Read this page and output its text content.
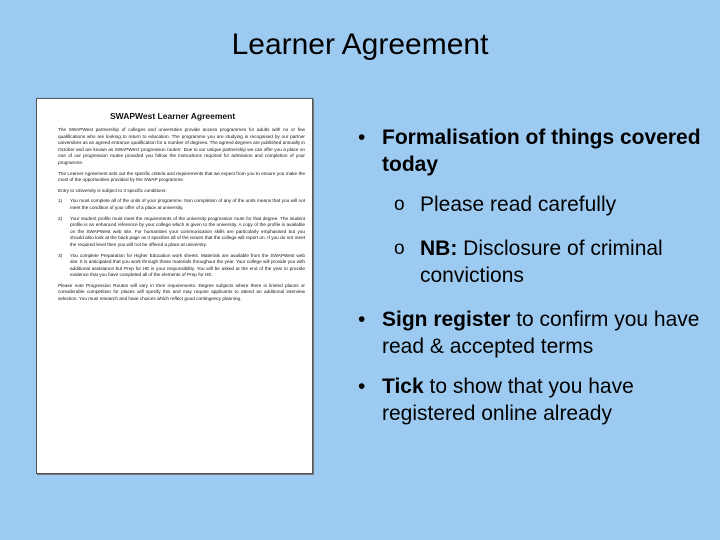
Learner Agreement
SWAPWest Learner Agreement

The SWAPWest partnership of colleges and universities provide access programmes for adults with no or few qualifications who are looking to return to education. The programme you are studying is recognised by our partner universities as an agreed entrance qualification for a number of degrees. The agreed degrees are published annually in October and are known as SWAPWest 'progression routes'. Due to our unique partnership we can offer you a place on one of our progression routes provided you follow the instructions required for admission and completion of your programme.

The Learner Agreement sets out the specific criteria and requirements that we expect from you to ensure you make the most of the opportunities provided by the SWAP programme.

Entry to University is subject to 3 specific conditions:

1)	You must complete all of the units of your programme. Non completion of any of the units means that you will not meet the condition of your offer of a place at university.
2)	Your student profile must meet the requirements of the university progression route for that degree. The student profile is an enhanced reference by your college which is given to the university. A copy of the profile is available on the SWAPWest web site. For humanities your communication skills are particularly emphasised but you should also look at the back page as it specifies all of the issues that the college will report on. If you do not meet the required level then you will not be offered a place at university.
3)	You complete Preparation for Higher Education work sheets. Materials are available from the SWAPWest web site. It is anticipated that you work through these materials throughout the year. Your college will provide you with additional assistance but Prep for HE is your responsibility. You will be asked at the end of the year to provide evidence that you have completed all of the elements of Prep for HE.

Please note Progression Routes will vary in their requirements. Degree subjects where there is limited places or considerable competition for places will specify this and may require applicants to attend an additional interview selection. You must research and have choices which reflect good contingency planning.

• Formalisation of things covered today
o Please read carefully
o NB: Disclosure of criminal convictions
• Sign register to confirm you have read & accepted terms
• Tick to show that you have registered online already
